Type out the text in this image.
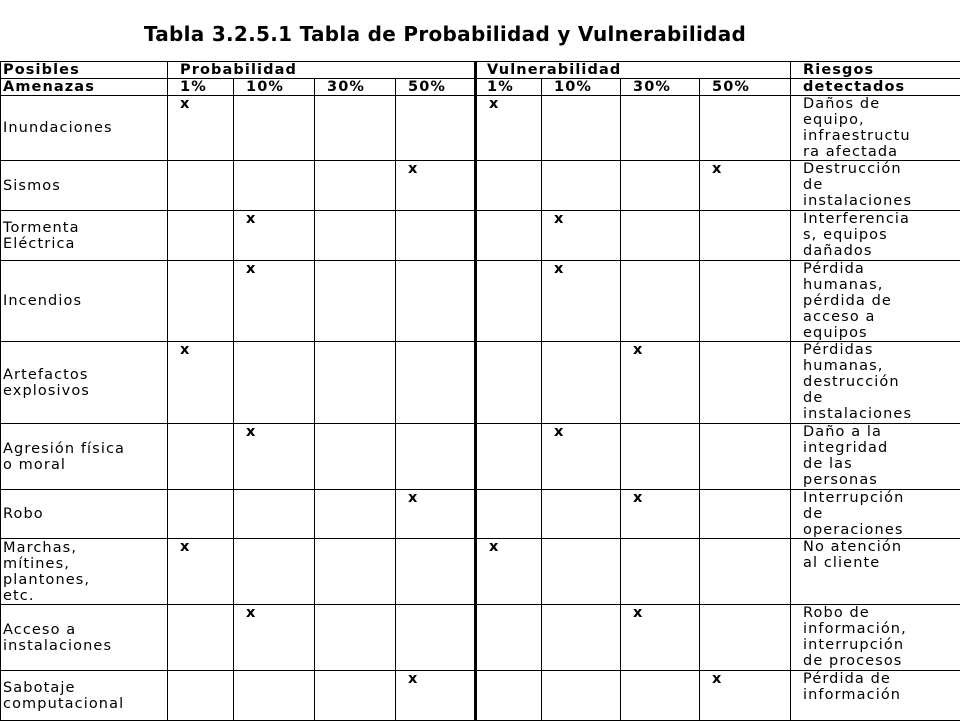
Tabla 3.2.5.1 Tabla de Probabilidad y Vulnerabilidad
Posibles	Probabilidad				Vulnerabilidad				Riesgos
Amenazas	1%	10%	30%	50%	1%	10%	30%	50%	detectados

Inundaciones	x				x				Daños de
equipo,
infraestructu
ra afectada

Sismos				x				x	Destrucción
de
instalaciones

Tormenta
Eléctrica		x				x			Interferencia
s, equipos
dañados

Incendios		x				x			Pérdida
humanas,
pérdida de
acceso a
equipos

Artefactos
explosivos	x						x		Pérdidas
humanas,
destrucción
de
instalaciones

Agresión física
o moral		x				x			Daño a la
integridad
de las
personas

Robo				x			x		Interrupción
de
operaciones

Marchas,
mítines,
plantones,
etc.	x				x				No atención
al cliente

Acceso a
instalaciones		x					x		Robo de
información,
interrupción
de procesos

Sabotaje
computacional				x				x	Pérdida de
información
